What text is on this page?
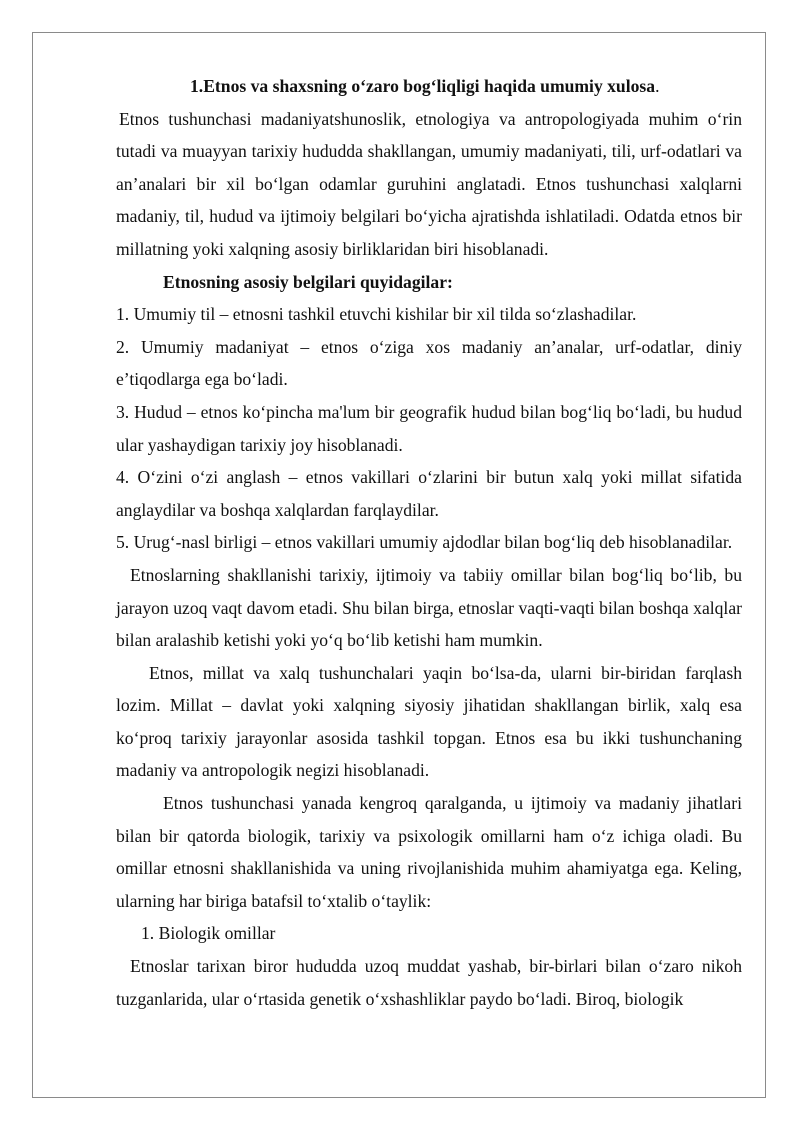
1.Etnos va shaxsning o‘zaro bog‘liqligi haqida umumiy xulosa.

Etnos tushunchasi madaniyatshunoslik, etnologiya va antropologiyada muhim o‘rin tutadi va muayyan tarixiy hududda shakllangan, umumiy madaniyati, tili, urf-odatlari va an’analari bir xil bo‘lgan odamlar guruhini anglatadi. Etnos tushunchasi xalqlarni madaniy, til, hudud va ijtimoiy belgilari bo‘yicha ajratishda ishlatiladi. Odatda etnos bir millatning yoki xalqning asosiy birliklaridan biri hisoblanadi.

Etnosning asosiy belgilari quyidagilar:

1. Umumiy til – etnosni tashkil etuvchi kishilar bir xil tilda so‘zlashadilar.

2. Umumiy madaniyat – etnos o‘ziga xos madaniy an’analar, urf-odatlar, diniy e’tiqodlarga ega bo‘ladi.

3. Hudud – etnos ko‘pincha ma'lum bir geografik hudud bilan bog‘liq bo‘ladi, bu hudud ular yashaydigan tarixiy joy hisoblanadi.

4. O‘zini o‘zi anglash – etnos vakillari o‘zlarini bir butun xalq yoki millat sifatida anglaydilar va boshqa xalqlardan farqlaydilar.

5. Urug‘-nasl birligi – etnos vakillari umumiy ajdodlar bilan bog‘liq deb hisoblanadilar.

Etnoslarning shakllanishi tarixiy, ijtimoiy va tabiiy omillar bilan bog‘liq bo‘lib, bu jarayon uzoq vaqt davom etadi. Shu bilan birga, etnoslar vaqti-vaqti bilan boshqa xalqlar bilan aralashib ketishi yoki yo‘q bo‘lib ketishi ham mumkin.

Etnos, millat va xalq tushunchalari yaqin bo‘lsa-da, ularni bir-biridan farqlash lozim. Millat – davlat yoki xalqning siyosiy jihatidan shakllangan birlik, xalq esa ko‘proq tarixiy jarayonlar asosida tashkil topgan. Etnos esa bu ikki tushunchaning madaniy va antropologik negizi hisoblanadi.

Etnos tushunchasi yanada kengroq qaralganda, u ijtimoiy va madaniy jihatlari bilan bir qatorda biologik, tarixiy va psixologik omillarni ham o‘z ichiga oladi. Bu omillar etnosni shakllanishida va uning rivojlanishida muhim ahamiyatga ega. Keling, ularning har biriga batafsil to‘xtalib o‘taylik:

1. Biologik omillar

Etnoslar tarixan biror hududda uzoq muddat yashab, bir-birlari bilan o‘zaro nikoh tuzganlarida, ular o‘rtasida genetik o‘xshashliklar paydo bo‘ladi. Biroq, biologik
